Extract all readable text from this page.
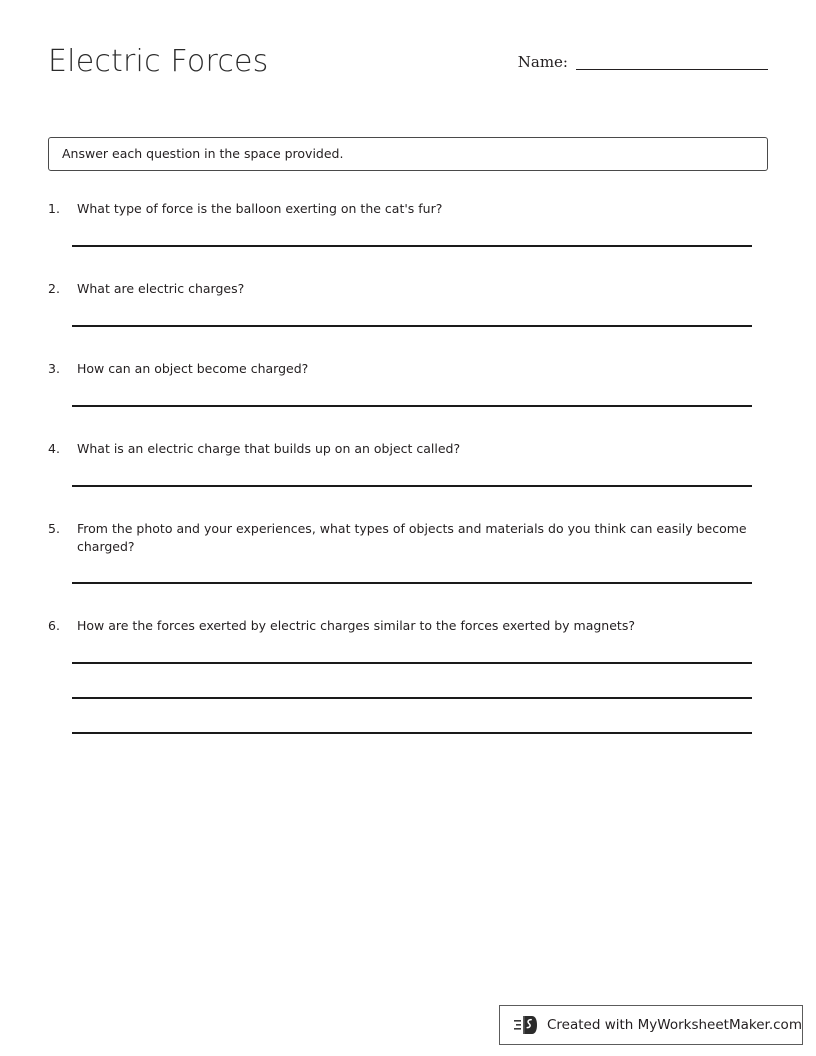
Electric Forces	Name:
Answer each question in the space provided.
1.	What type of force is the balloon exerting on the cat's fur?
2.	What are electric charges?
3.	How can an object become charged?
4.	What is an electric charge that builds up on an object called?
5.	From the photo and your experiences, what types of objects and materials do you think can easily become charged?
6.	How are the forces exerted by electric charges similar to the forces exerted by magnets?
Created with MyWorksheetMaker.com
